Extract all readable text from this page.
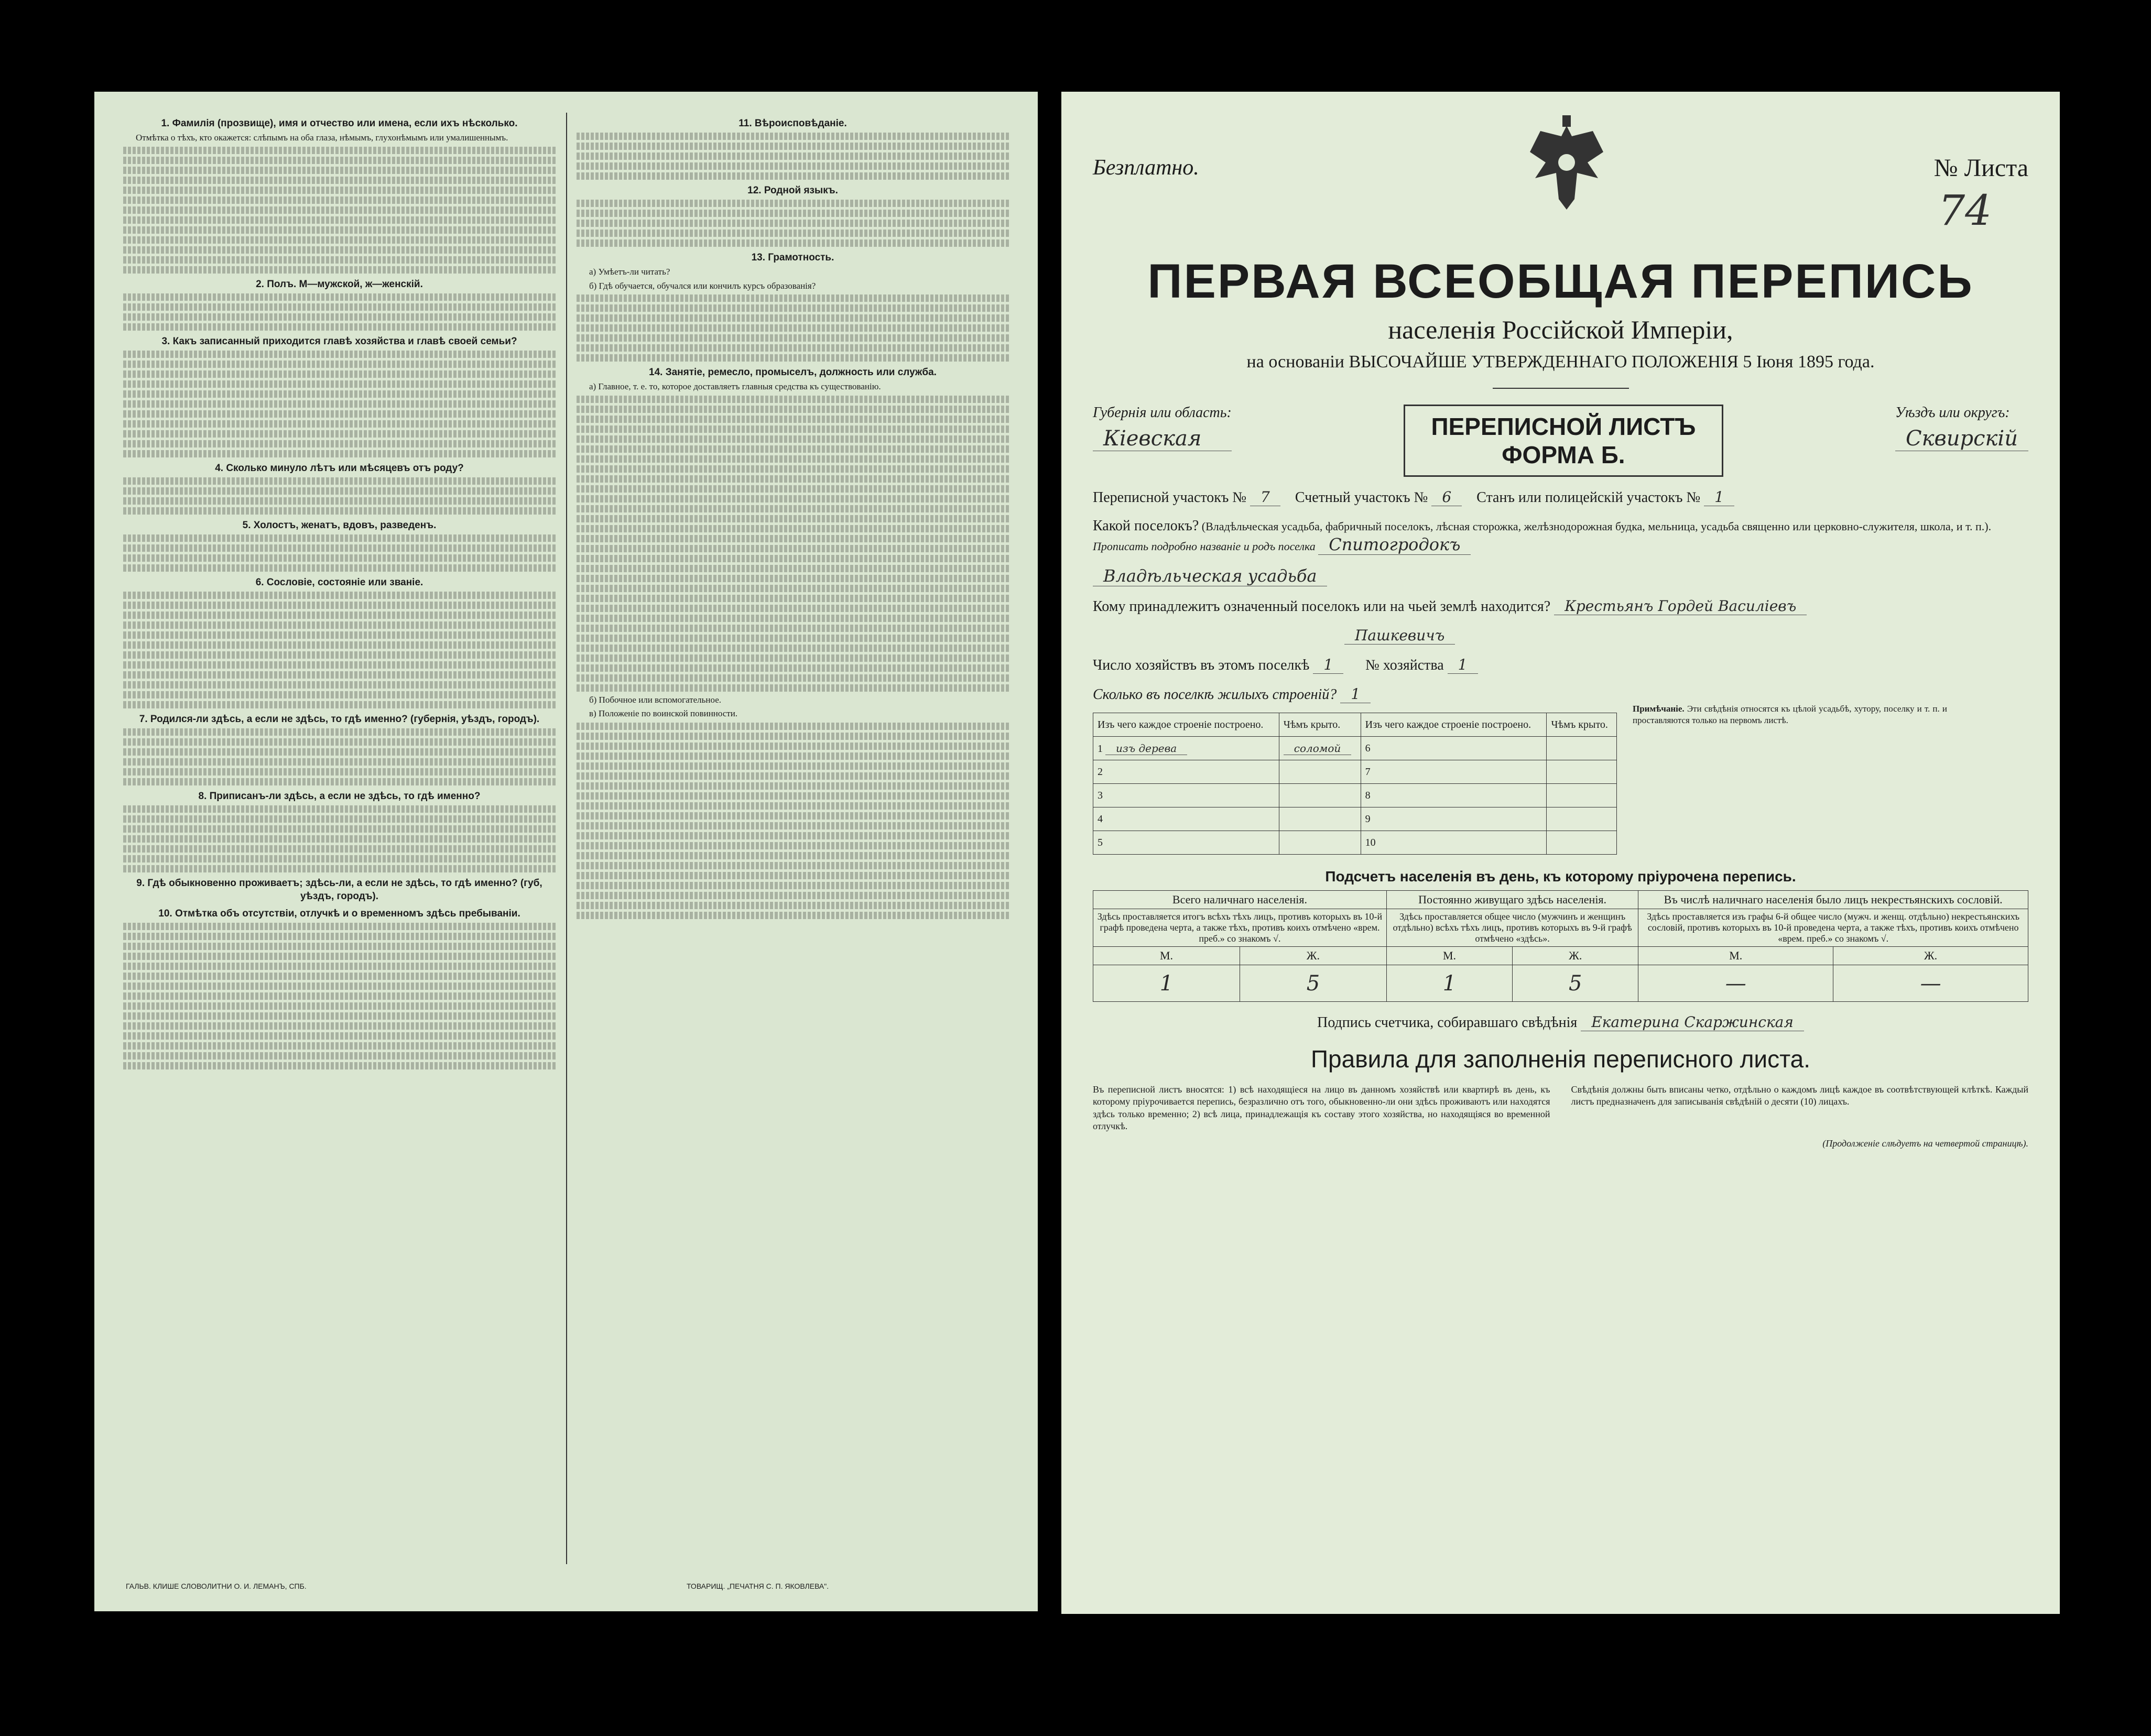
1. Фамилія (прозвище), имя и отчество или имена, если ихъ нѣсколько.

Отмѣтка о тѣхъ, кто окажется: слѣпымъ на оба глаза, нѣмымъ, глухонѣмымъ или умалишеннымъ.

2. Полъ. М—мужской, ж—женскій.
3. Какъ записанный приходится главѣ хозяйства и главѣ своей семьи?
4. Сколько минуло лѣтъ или мѣсяцевъ отъ роду?
5. Холостъ, женатъ, вдовъ, разведенъ.
6. Сословіе, состояніе или званіе.
7. Родился-ли здѣсь, а если не здѣсь, то гдѣ именно? (губернія, уѣздъ, городъ).
8. Приписанъ-ли здѣсь, а если не здѣсь, то гдѣ именно?
9. Гдѣ обыкновенно проживаетъ; здѣсь-ли, а если не здѣсь, то гдѣ именно? (губ, уѣздъ, городъ).
10. Отмѣтка объ отсутствіи, отлучкѣ и о временномъ здѣсь пребываніи.
11. Вѣроисповѣданіе.
12. Родной языкъ.
13. Грамотность.

а) Умѣетъ-ли читать?

б) Гдѣ обучается, обучался или кончилъ курсъ образованія?

14. Занятіе, ремесло, промыселъ, должность или служба.

а) Главное, т. е. то, которое доставляетъ главныя средства къ существованію.

б) Побочное или вспомогательное.

в) Положеніе по воинской повинности.

ГАЛЬВ. КЛИШЕ СЛОВОЛИТНИ О. И. ЛЕМАНЪ, СПБ.	ТОВАРИЩ. „ПЕЧАТНЯ С. П. ЯКОВЛЕВА".
Безплатно.	№ Листа
74
ПЕРВАЯ ВСЕОБЩАЯ ПЕРЕПИСЬ
населенія Россійской Имперіи,
на основаніи ВЫСОЧАЙШЕ УТВЕРЖДЕННАГО ПОЛОЖЕНІЯ 5 Іюня 1895 года.
Губернія или область:
Кіевская	ПЕРЕПИСНОЙ ЛИСТЪ
ФОРМА Б.
Уѣздъ или округъ:
Сквирскій
Переписной участокъ № 7 Счетный участокъ № 6 Станъ или полицейскій участокъ № 1
Какой поселокъ? (Владѣльческая усадьба, фабричный поселокъ, лѣсная сторожка, желѣзнодорожная будка, мельница, усадьба священно или церковно-служителя, школа, и т. п.). Прописать подробно названіе и родъ поселка Спитогродокъ
Владѣльческая усадьба
Кому принадлежитъ означенный поселокъ или на чьей землѣ находится? Крестьянъ Гордей Василіевъ
Пашкевичъ
Число хозяйствъ въ этомъ поселкѣ 1 № хозяйства 1
Сколько въ поселкѣ жилыхъ строеній? 1
Изъ чего каждое строеніе построено.	Чѣмъ крыто.	Изъ чего каждое строеніе построено.	Чѣмъ крыто.
1 изъ дерева	соломой	6	
2		7	
3		8	
4		9	
5		10	
Примѣчаніе. Эти свѣдѣнія относятся къ цѣлой усадьбѣ, хутору, поселку и т. п. и проставляются только на первомъ листѣ.
Подсчетъ населенія въ день, къ которому пріурочена перепись.
Всего наличнаго населенія.		Постоянно живущаго здѣсь населенія.		Въ числѣ наличнаго населенія было лицъ некрестьянскихъ сословій.	
Здѣсь проставляется итогъ всѣхъ тѣхъ лицъ, противъ которыхъ въ 10-й графѣ проведена черта, а также тѣхъ, противъ коихъ отмѣчено «врем. преб.» со знакомъ √.		Здѣсь проставляется общее число (мужчинъ и женщинъ отдѣльно) всѣхъ тѣхъ лицъ, противъ которыхъ въ 9-й графѣ отмѣчено «здѣсь».		Здѣсь проставляется изъ графы 6-й общее число (мужч. и женщ. отдѣльно) некрестьянскихъ сословій, противъ которыхъ въ 10-й проведена черта, а также тѣхъ, противъ коихъ отмѣчено «врем. преб.» со знакомъ √.	
М.	Ж.	М.	Ж.	М.	Ж.
1	5	1	5	—	—
Подпись счетчика, собиравшаго свѣдѣнія Екатерина Скаржинская
Правила для заполненія переписного листа.
Въ переписной листъ вносятся: 1) всѣ находящіеся на лицо въ данномъ хозяйствѣ или квартирѣ въ день, къ которому пріурочивается перепись, безразлично отъ того, обыкновенно-ли они здѣсь проживаютъ или находятся здѣсь только временно; 2) всѣ лица, принадлежащія къ составу этого хозяйства, но находящіяся во временной отлучкѣ.
Свѣдѣнія должны быть вписаны четко, отдѣльно о каждомъ лицѣ каждое въ соотвѣтствующей клѣткѣ. Каждый листъ предназначенъ для записыванія свѣдѣній о десяти (10) лицахъ.
(Продолженіе слѣдуетъ на четвертой страницѣ).
